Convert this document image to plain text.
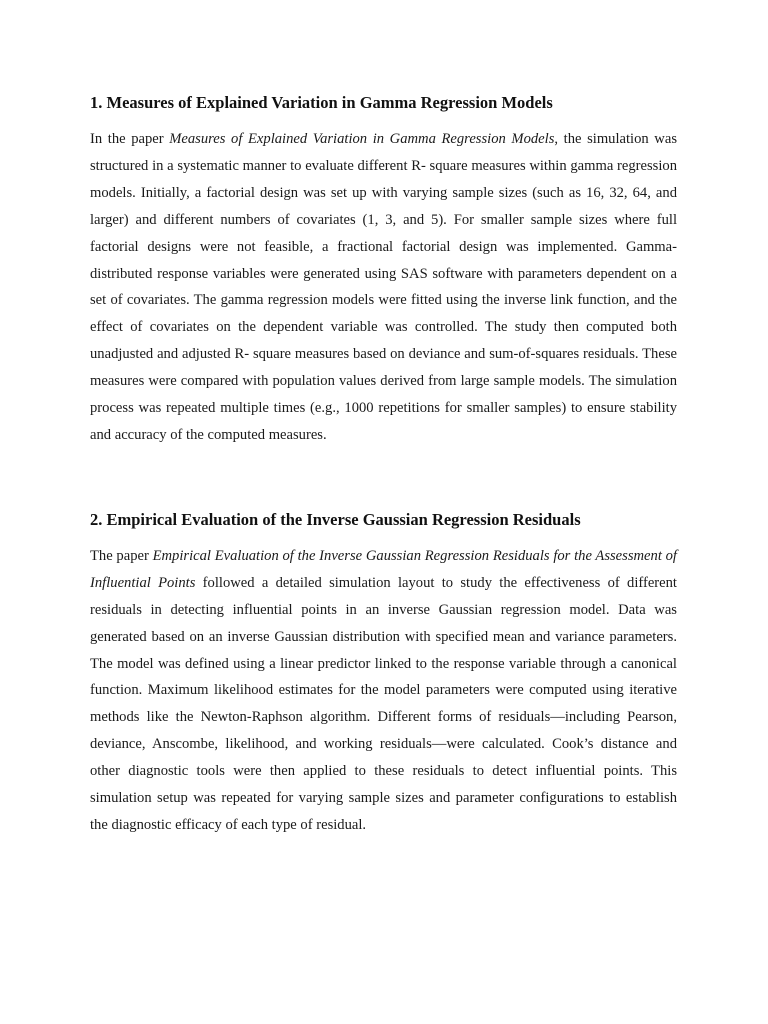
1. Measures of Explained Variation in Gamma Regression Models

In the paper Measures of Explained Variation in Gamma Regression Models, the simulation was structured in a systematic manner to evaluate different R- square measures within gamma regression models. Initially, a factorial design was set up with varying sample sizes (such as 16, 32, 64, and larger) and different numbers of covariates (1, 3, and 5). For smaller sample sizes where full factorial designs were not feasible, a fractional factorial design was implemented. Gamma-distributed response variables were generated using SAS software with parameters dependent on a set of covariates. The gamma regression models were fitted using the inverse link function, and the effect of covariates on the dependent variable was controlled. The study then computed both unadjusted and adjusted R- square measures based on deviance and sum-of-squares residuals. These measures were compared with population values derived from large sample models. The simulation process was repeated multiple times (e.g., 1000 repetitions for smaller samples) to ensure stability and accuracy of the computed measures.

2. Empirical Evaluation of the Inverse Gaussian Regression Residuals

The paper Empirical Evaluation of the Inverse Gaussian Regression Residuals for the Assessment of Influential Points followed a detailed simulation layout to study the effectiveness of different residuals in detecting influential points in an inverse Gaussian regression model. Data was generated based on an inverse Gaussian distribution with specified mean and variance parameters. The model was defined using a linear predictor linked to the response variable through a canonical function. Maximum likelihood estimates for the model parameters were computed using iterative methods like the Newton-Raphson algorithm. Different forms of residuals—including Pearson, deviance, Anscombe, likelihood, and working residuals—were calculated. Cook’s distance and other diagnostic tools were then applied to these residuals to detect influential points. This simulation setup was repeated for varying sample sizes and parameter configurations to establish the diagnostic efficacy of each type of residual.
